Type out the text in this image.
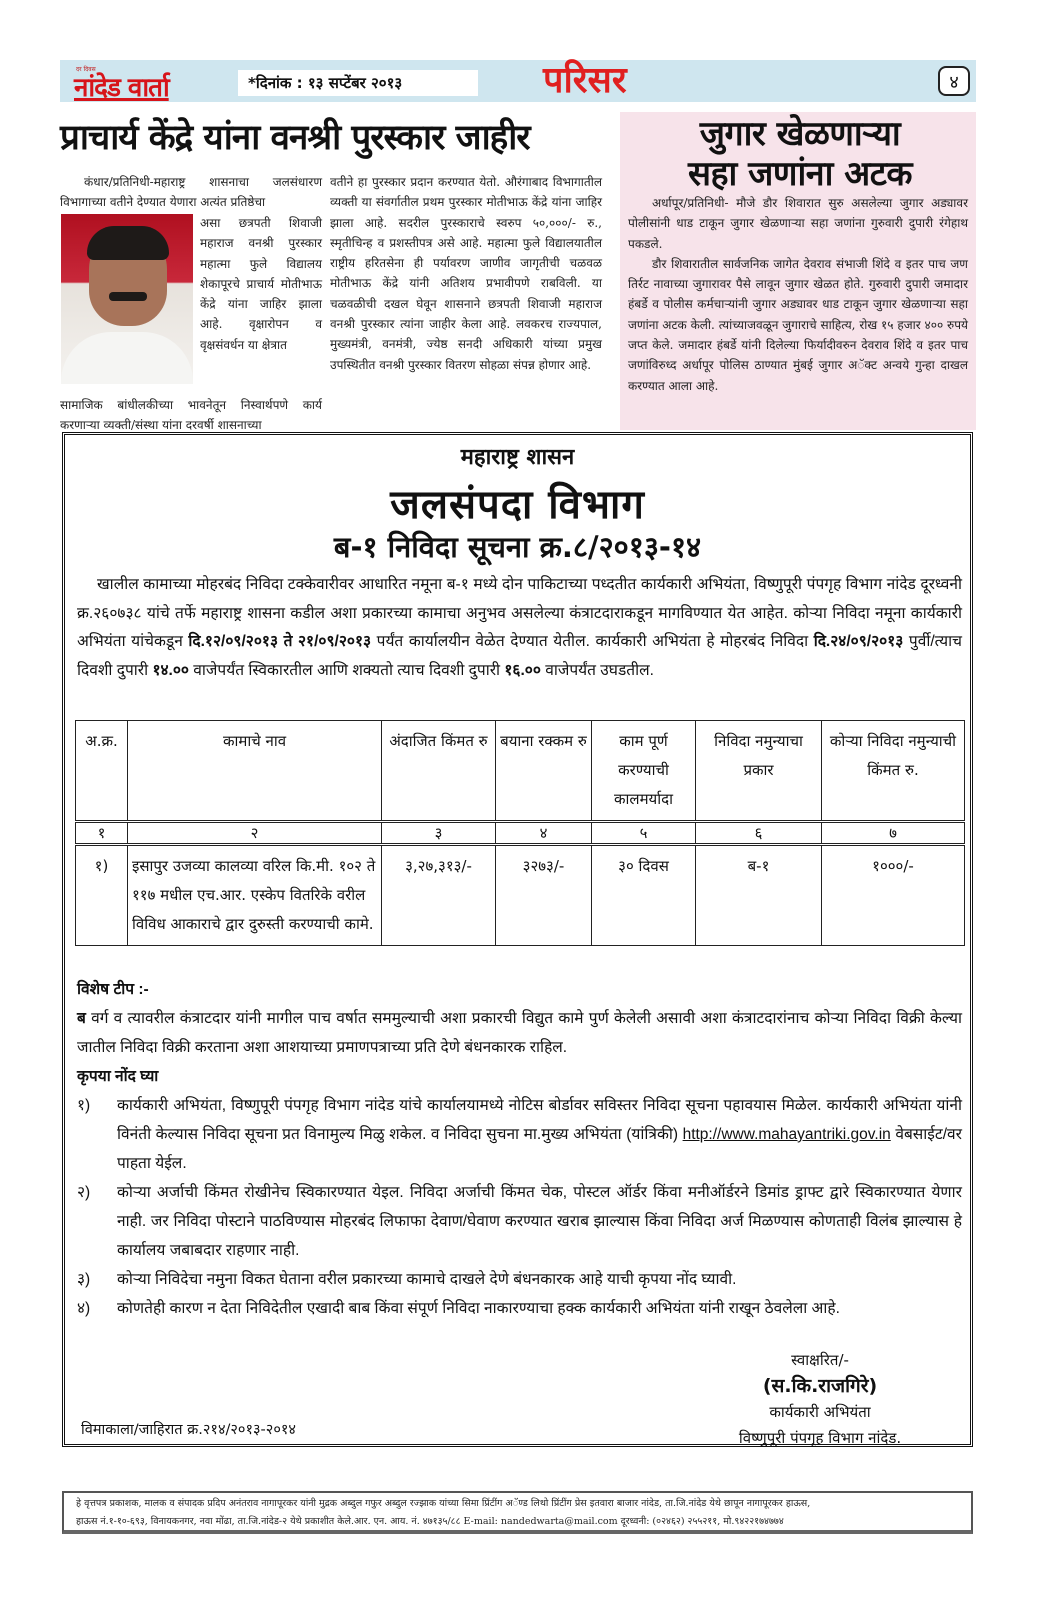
दर दिवस
नांदेड वार्ता	*दिनांक : १३ सप्टेंबर २०१३	परिसर	४
प्राचार्य केंद्रे यांना वनश्री पुरस्कार जाहीर
कंधार/प्रतिनिधी-महाराष्ट्र शासनाचा जलसंधारण विभागाच्या वतीने देण्यात येणारा अत्यंत प्रतिष्ठेचा
असा छत्रपती शिवाजी महाराज वनश्री पुरस्कार महात्मा फुले विद्यालय शेकापूरचे प्राचार्य मोतीभाऊ केंद्रे यांना जाहिर झाला आहे. वृक्षारोपन व वृक्षसंवर्धन या क्षेत्रात
सामाजिक बांधीलकीच्या भावनेतून निस्वार्थपणे कार्य करणाऱ्या व्यक्ती/संस्था यांना दरवर्षी शासनाच्या
वतीने हा पुरस्कार प्रदान करण्यात येतो. औरंगाबाद विभागातील व्यक्ती या संवर्गातील प्रथम पुरस्कार मोतीभाऊ केंद्रे यांना जाहिर झाला आहे. सदरील पुरस्काराचे स्वरुप ५०,०००/- रु., स्मृतीचिन्ह व प्रशस्तीपत्र असे आहे. महात्मा फुले विद्यालयातील राष्ट्रीय हरितसेना ही पर्यावरण जाणीव जागृतीची चळवळ मोतीभाऊ केंद्रे यांनी अतिशय प्रभावीपणे राबविली. या चळवळीची दखल घेवून शासनाने छत्रपती शिवाजी महाराज वनश्री पुरस्कार त्यांना जाहीर केला आहे. लवकरच राज्यपाल, मुख्यमंत्री, वनमंत्री, ज्येष्ठ सनदी अधिकारी यांच्या प्रमुख उपस्थितीत वनश्री पुरस्कार वितरण सोहळा संपन्न होणार आहे.
जुगार खेळणाऱ्या
सहा जणांना अटक
अर्धापूर/प्रतिनिधी- मौजे डौर शिवारात सुरु असलेल्या जुगार अड्यावर पोलीसांनी धाड टाकून जुगार खेळणाऱ्या सहा जणांना गुरुवारी दुपारी रंगेहाथ पकडले.
डौर शिवारातील सार्वजनिक जागेत देवराव संभाजी शिंदे व इतर पाच जण तिर्रट नावाच्या जुगारावर पैसे लावून जुगार खेळत होते. गुरुवारी दुपारी जमादार हंबर्डे व पोलीस कर्मचाऱ्यांनी जुगार अड्यावर धाड टाकून जुगार खेळणाऱ्या सहा जणांना अटक केली. त्यांच्याजवळून जुगाराचे साहित्य, रोख १५ हजार ४०० रुपये जप्त केले. जमादार हंबर्डे यांनी दिलेल्या फिर्यादीवरुन देवराव शिंदे व इतर पाच जणांविरुध्द अर्धापूर पोलिस ठाण्यात मुंबई जुगार अॅक्ट अन्वये गुन्हा दाखल करण्यात आला आहे.
महाराष्ट्र शासन
जलसंपदा विभाग
ब-१ निविदा सूचना क्र.८/२०१३-१४
खालील कामाच्या मोहरबंद निविदा टक्केवारीवर आधारित नमूना ब-१ मध्ये दोन पाकिटाच्या पध्दतीत कार्यकारी अभियंता, विष्णुपूरी पंपगृह विभाग नांदेड दूरध्वनी क्र.२६०७३८ यांचे तर्फे महाराष्ट्र शासना कडील अशा प्रकारच्या कामाचा अनुभव असलेल्या कंत्राटदाराकडून मागविण्यात येत आहेत. कोऱ्या निविदा नमूना कार्यकारी अभियंता यांचेकडून दि.१२/०९/२०१३ ते २१/०९/२०१३ पर्यंत कार्यालयीन वेळेत देण्यात येतील. कार्यकारी अभियंता हे मोहरबंद निविदा दि.२४/०९/२०१३ पुर्वी/त्याच दिवशी दुपारी १४.०० वाजेपर्यंत स्विकारतील आणि शक्यतो त्याच दिवशी दुपारी १६.०० वाजेपर्यंत उघडतील.
अ.क्र.	कामाचे नाव	अंदाजित किंमत रु	बयाना रक्कम रु	काम पूर्ण करण्याची कालमर्यादा	निविदा नमुन्याचा प्रकार	कोऱ्या निविदा नमुन्याची किंमत रु.
१	२	३	४	५	६	७
१)	इसापुर उजव्या कालव्या वरिल कि.मी. १०२ ते ११७ मधील एच.आर. एस्केप वितरिके वरील विविध आकाराचे द्वार दुरुस्ती करण्याची कामे.	३,२७,३१३/-	३२७३/-	३० दिवस	ब-१	१०००/-
विशेष टीप :-
ब वर्ग व त्यावरील कंत्राटदार यांनी मागील पाच वर्षात सममुल्याची अशा प्रकारची विद्युत कामे पुर्ण केलेली असावी अशा कंत्राटदारांनाच कोऱ्या निविदा विक्री केल्या जातील निविदा विक्री करताना अशा आशयाच्या प्रमाणपत्राच्या प्रति देणे बंधनकारक राहिल.
कृपया नोंद घ्या
१) कार्यकारी अभियंता, विष्णुपूरी पंपगृह विभाग नांदेड यांचे कार्यालयामध्ये नोटिस बोर्डावर सविस्तर निविदा सूचना पहावयास मिळेल. कार्यकारी अभियंता यांनी विनंती केल्यास निविदा सूचना प्रत विनामुल्य मिळु शकेल. व निविदा सुचना मा.मुख्य अभियंता (यांत्रिकी) http://www.mahayantriki.gov.in वेबसाईट/वर पाहता येईल.
२) कोऱ्या अर्जाची किंमत रोखीनेच स्विकारण्यात येइल. निविदा अर्जाची किंमत चेक, पोस्टल ऑर्डर किंवा मनीऑर्डरने डिमांड ड्राफ्ट द्वारे स्विकारण्यात येणार नाही. जर निविदा पोस्टाने पाठविण्यास मोहरबंद लिफाफा देवाण/घेवाण करण्यात खराब झाल्यास किंवा निविदा अर्ज मिळण्यास कोणताही विलंब झाल्यास हे कार्यालय जबाबदार राहणार नाही.
३) कोऱ्या निविदेचा नमुना विकत घेताना वरील प्रकारच्या कामाचे दाखले देणे बंधनकारक आहे याची कृपया नोंद घ्यावी.
४) कोणतेही कारण न देता निविदेतील एखादी बाब किंवा संपूर्ण निविदा नाकारण्याचा हक्क कार्यकारी अभियंता यांनी राखून ठेवलेला आहे.
स्वाक्षरित/-
(स.कि.राजगिरे)
कार्यकारी अभियंता
विष्णुपूरी पंपगृह विभाग नांदेड.
विमाकाला/जाहिरात क्र.२१४/२०१३-२०१४
हे वृत्तपत्र प्रकाशक, मालक व संपादक प्रदिप अनंतराव नागापूरकर यांनी मुद्रक अब्दुल गफुर अब्दुल रज्झाक यांच्या सिमा प्रिंटींग अॅण्ड लिथो प्रिंटींग प्रेस इतवारा बाजार नांदेड, ता.जि.नांदेड येथे छापून नागापूरकर हाऊस,
हाऊस नं.१-१०-६९३, विनायकनगर, नवा मोंढा, ता.जि.नांदेड-२ येथे प्रकाशीत केले.आर. एन. आय. नं. ४७१३५/८८ E-mail: nandedwarta@mail.com दूरध्वनी: (०२४६२) २५५२११, मो.९४२२१७४७७४
